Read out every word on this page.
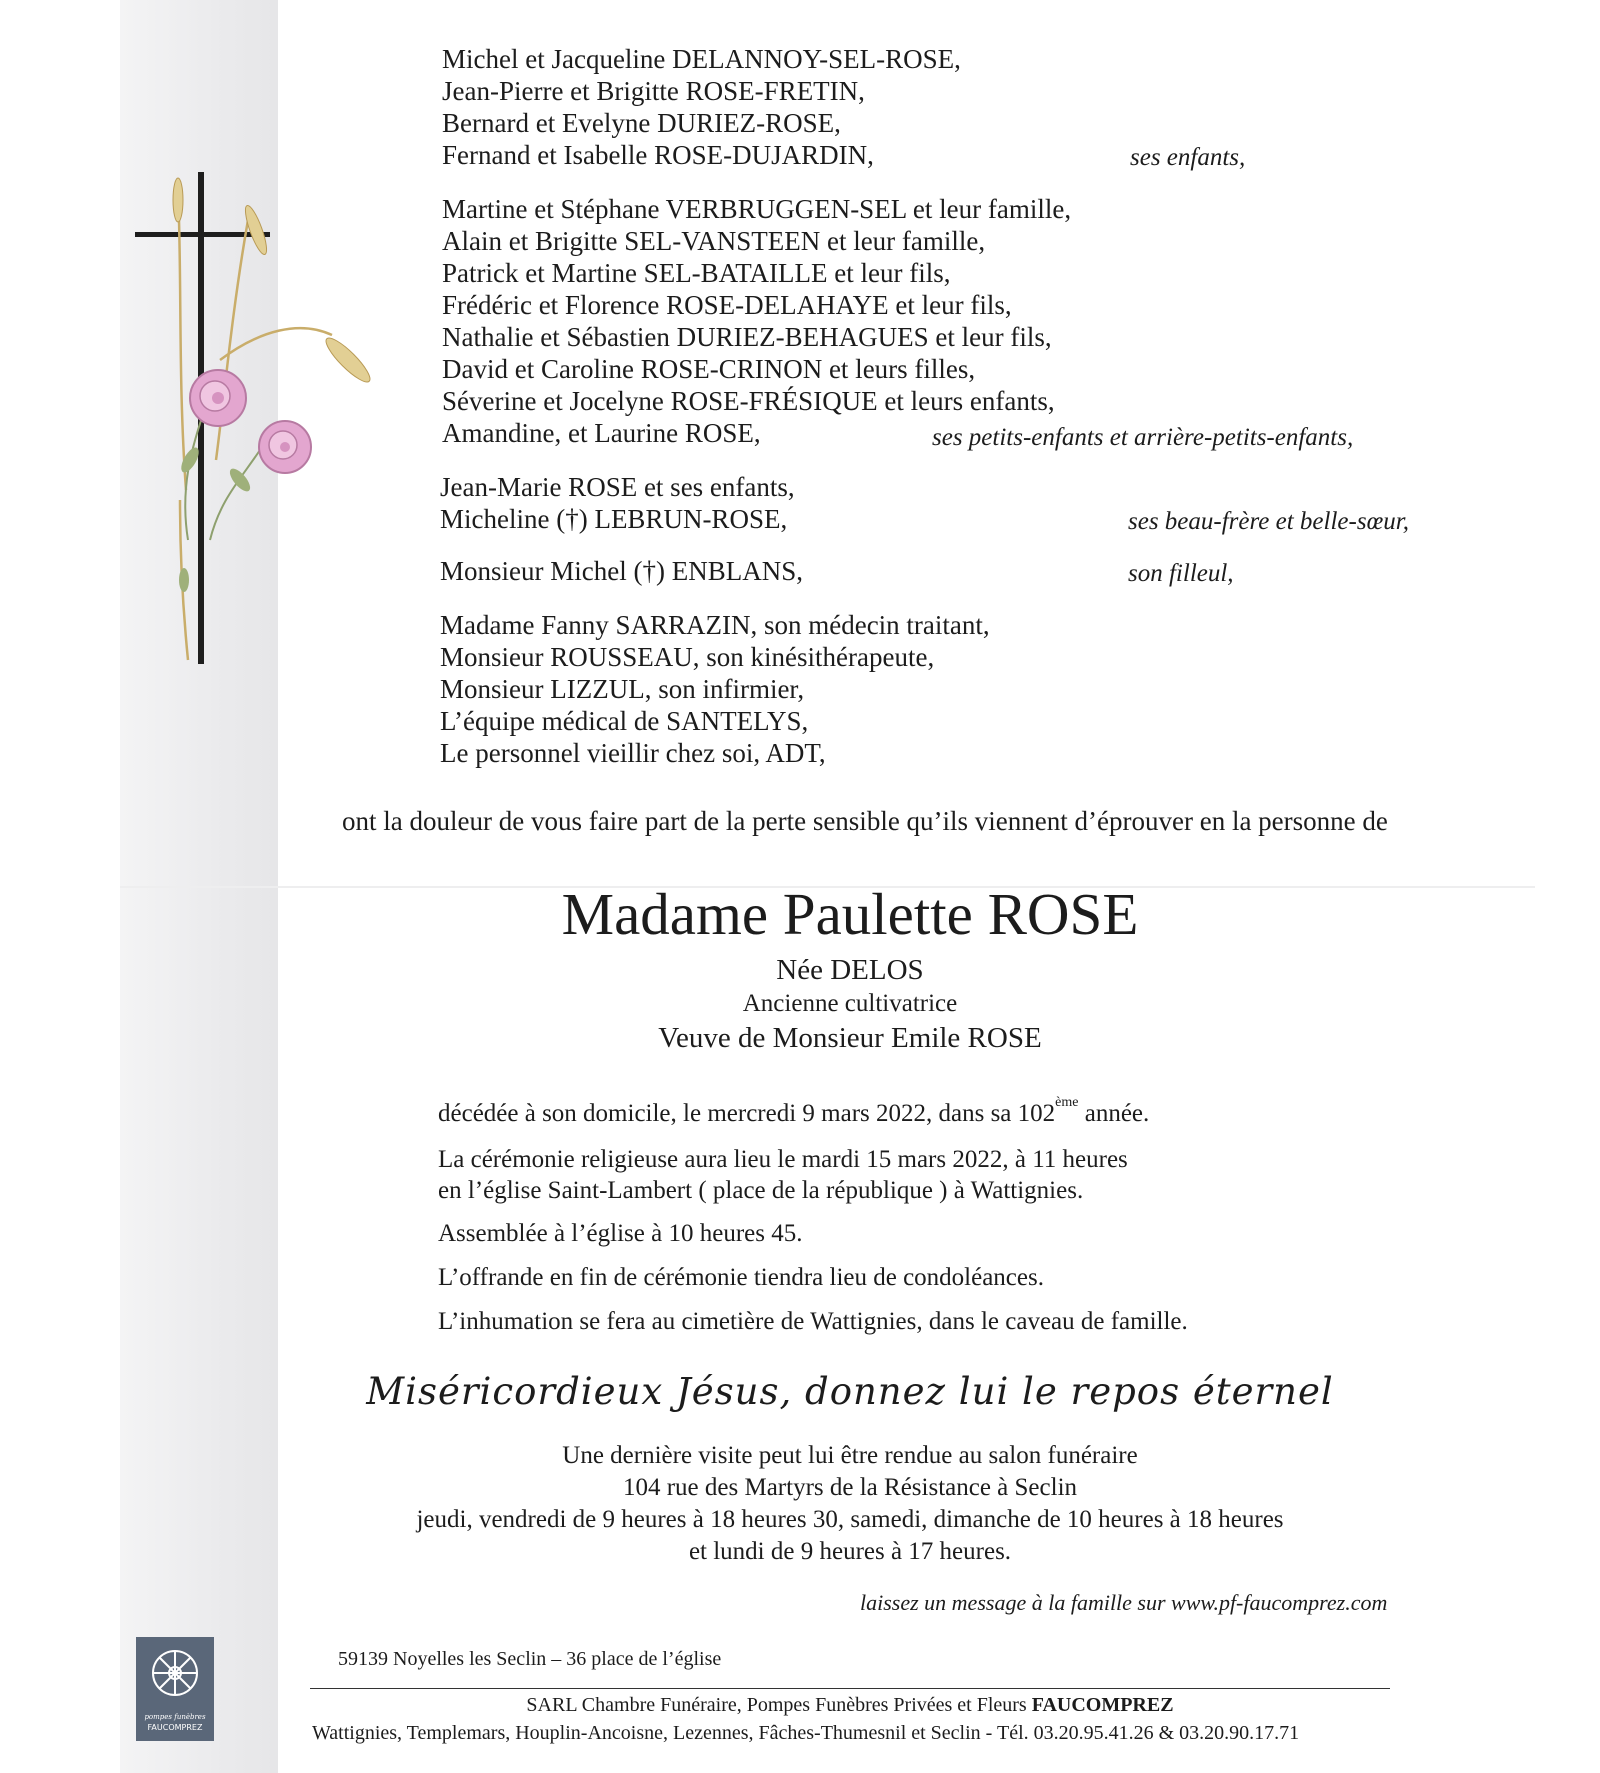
Michel et Jacqueline DELANNOY-SEL-ROSE,
Jean-Pierre et Brigitte ROSE-FRETIN,
Bernard et Evelyne DURIEZ-ROSE,
Fernand et Isabelle ROSE-DUJARDIN,	ses enfants,
Martine et Stéphane VERBRUGGEN-SEL et leur famille,
Alain et Brigitte SEL-VANSTEEN et leur famille,
Patrick et Martine SEL-BATAILLE et leur fils,
Frédéric et Florence ROSE-DELAHAYE et leur fils,
Nathalie et Sébastien DURIEZ-BEHAGUES et leur fils,
David et Caroline ROSE-CRINON et leurs filles,
Séverine et Jocelyne ROSE-FRÉSIQUE et leurs enfants,
Amandine, et Laurine ROSE,	ses petits-enfants et arrière-petits-enfants,
Jean-Marie ROSE et ses enfants,
Micheline (†) LEBRUN-ROSE,	ses beau-frère et belle-sœur,
Monsieur Michel (†) ENBLANS,	son filleul,
Madame Fanny SARRAZIN, son médecin traitant,
Monsieur ROUSSEAU, son kinésithérapeute,
Monsieur LIZZUL, son infirmier,
L’équipe médical de SANTELYS,
Le personnel vieillir chez soi, ADT,
ont la douleur de vous faire part de la perte sensible qu’ils viennent d’éprouver en la personne de
Madame Paulette ROSE
Née DELOS
Ancienne cultivatrice
Veuve de Monsieur Emile ROSE
décédée à son domicile, le mercredi 9 mars 2022, dans sa 102ème année.
La cérémonie religieuse aura lieu le mardi 15 mars 2022, à 11 heures
en l’église Saint-Lambert ( place de la république ) à Wattignies.
Assemblée à l’église à 10 heures 45.
L’offrande en fin de cérémonie tiendra lieu de condoléances.
L’inhumation se fera au cimetière de Wattignies, dans le caveau de famille.
Miséricordieux Jésus, donnez lui le repos éternel
Une dernière visite peut lui être rendue au salon funéraire
104 rue des Martyrs de la Résistance à Seclin
jeudi, vendredi de 9 heures à 18 heures 30, samedi, dimanche de 10 heures à 18 heures
et lundi de 9 heures à 17 heures.
laissez un message à la famille sur www.pf-faucomprez.com
pompes funèbres
FAUCOMPREZ
59139 Noyelles les Seclin – 36 place de l’église
SARL Chambre Funéraire, Pompes Funèbres Privées et Fleurs FAUCOMPREZ
Wattignies, Templemars, Houplin-Ancoisne, Lezennes, Fâches-Thumesnil et Seclin - Tél. 03.20.95.41.26 & 03.20.90.17.71
